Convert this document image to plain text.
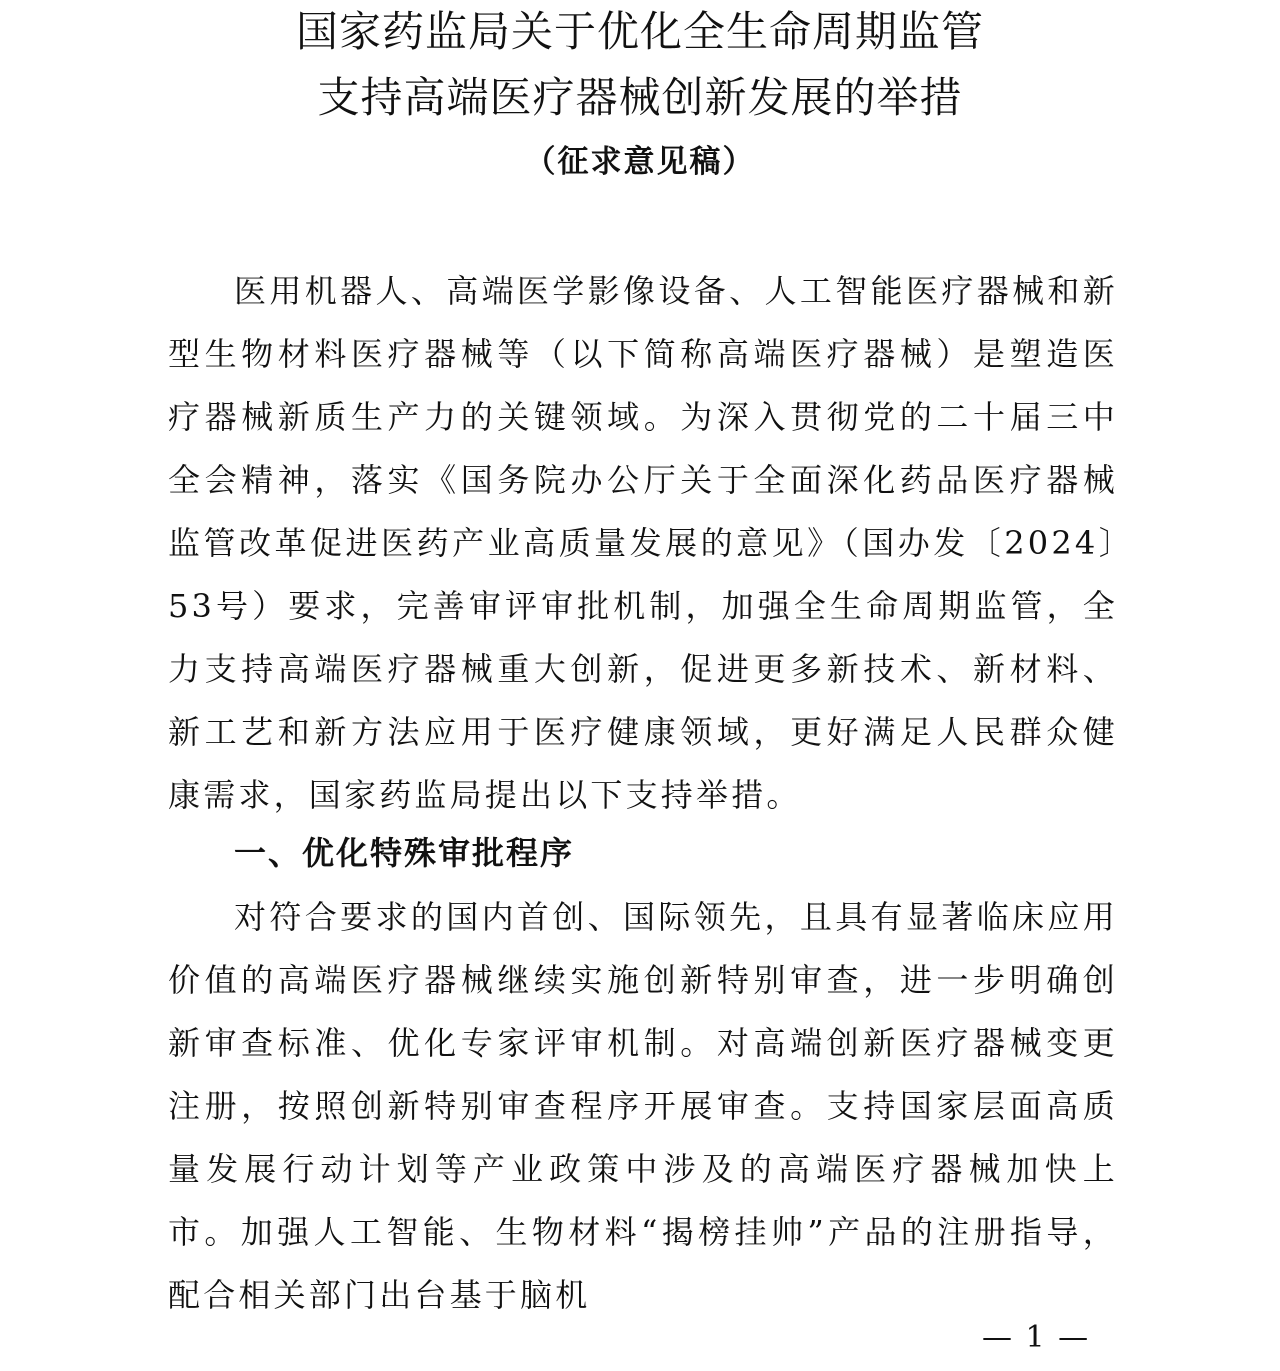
国家药监局关于优化全生命周期监管
支持高端医疗器械创新发展的举措
（征求意见稿）
医用机器人、高端医学影像设备、人工智能医疗器械和新型生物材料医疗器械等（以下简称高端医疗器械）是塑造医疗器械新质生产力的关键领域。为深入贯彻党的二十届三中全会精神，落实《国务院办公厅关于全面深化药品医疗器械监管改革促进医药产业高质量发展的意见》（国办发〔2024〕53号）要求，完善审评审批机制，加强全生命周期监管，全力支持高端医疗器械重大创新，促进更多新技术、新材料、新工艺和新方法应用于医疗健康领域，更好满足人民群众健康需求，国家药监局提出以下支持举措。
一、优化特殊审批程序
对符合要求的国内首创、国际领先，且具有显著临床应用价值的高端医疗器械继续实施创新特别审查，进一步明确创新审查标准、优化专家评审机制。对高端创新医疗器械变更注册，按照创新特别审查程序开展审查。支持国家层面高质量发展行动计划等产业政策中涉及的高端医疗器械加快上市。加强人工智能、生物材料“揭榜挂帅”产品的注册指导，配合相关部门出台基于脑机
— 1 —
